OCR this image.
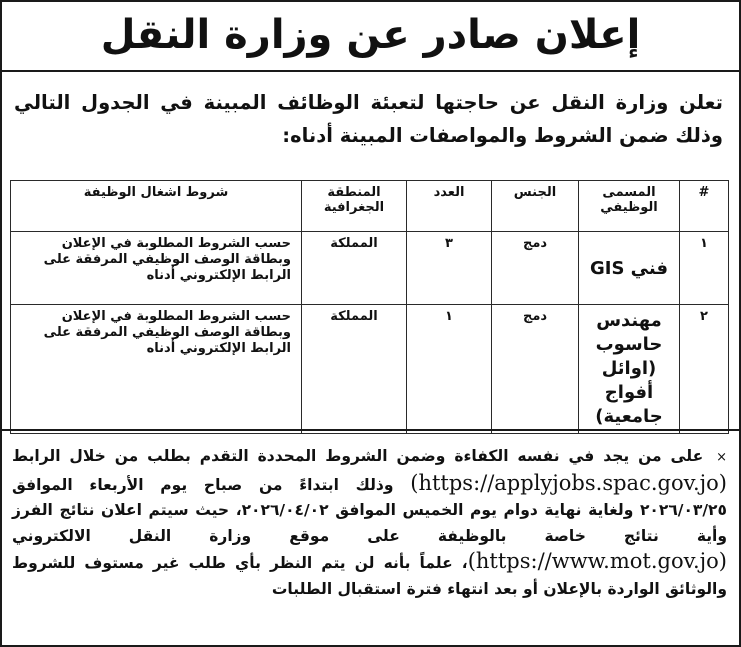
إعلان صادر عن وزارة النقل
تعلن وزارة النقل عن حاجتها لتعبئة الوظائف المبينة في الجدول التالي وذلك ضمن الشروط والمواصفات المبينة أدناه:
#	المسمى الوظيفي	الجنس	العدد	المنطقة الجغرافية	شروط اشغال الوظيفة
١	فني GIS	دمج	٣	المملكة	حسب الشروط المطلوبة في الإعلان وبطاقة الوصف الوظيفي المرفقة على الرابط الإلكتروني أدناه
٢	مهندس حاسوب (اوائل أفواج جامعية)	دمج	١	المملكة	حسب الشروط المطلوبة في الإعلان وبطاقة الوصف الوظيفي المرفقة على الرابط الإلكتروني أدناه
× على من يجد في نفسه الكفاءة وضمن الشروط المحددة التقدم بطلب من خلال الرابط (https://applyjobs.spac.gov.jo) وذلك ابتداءً من صباح يوم الأربعاء الموافق ٢٠٢٦/٠٣/٢٥ ولغاية نهاية دوام يوم الخميس الموافق ٢٠٢٦/٠٤/٠٢، حيث سيتم اعلان نتائج الفرز وأية نتائج خاصة بالوظيفة على موقع وزارة النقل الالكتروني (https://www.mot.gov.jo)، علماً بأنه لن يتم النظر بأي طلب غير مستوف للشروط والوثائق الواردة بالإعلان أو بعد انتهاء فترة استقبال الطلبات
